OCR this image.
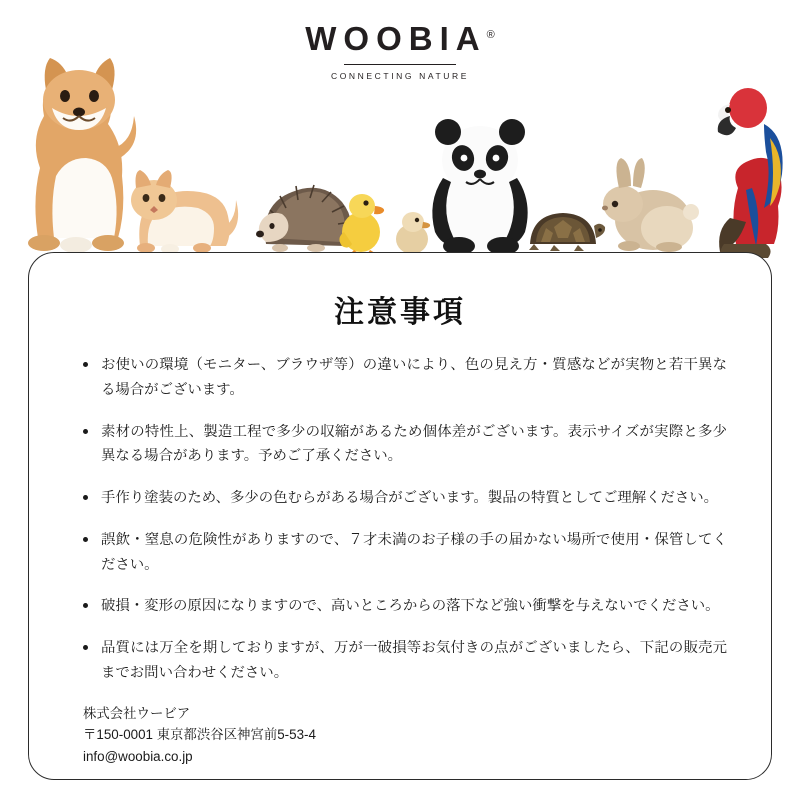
WOOBIA®
CONNECTING NATURE
注意事項
お使いの環境（モニター、ブラウザ等）の違いにより、色の見え方・質感などが実物と若干異なる場合がございます。
素材の特性上、製造工程で多少の収縮があるため個体差がございます。表示サイズが実際と多少異なる場合があります。予めご了承ください。
手作り塗装のため、多少の色むらがある場合がございます。製品の特質としてご理解ください。
誤飲・窒息の危険性がありますので、７才未満のお子様の手の届かない場所で使用・保管してください。
破損・変形の原因になりますので、高いところからの落下など強い衝撃を与えないでください。
品質には万全を期しておりますが、万が一破損等お気付きの点がございましたら、下記の販売元までお問い合わせください。
株式会社ウービア
〒150-0001 東京都渋谷区神宮前5-53-4
info@woobia.co.jp
